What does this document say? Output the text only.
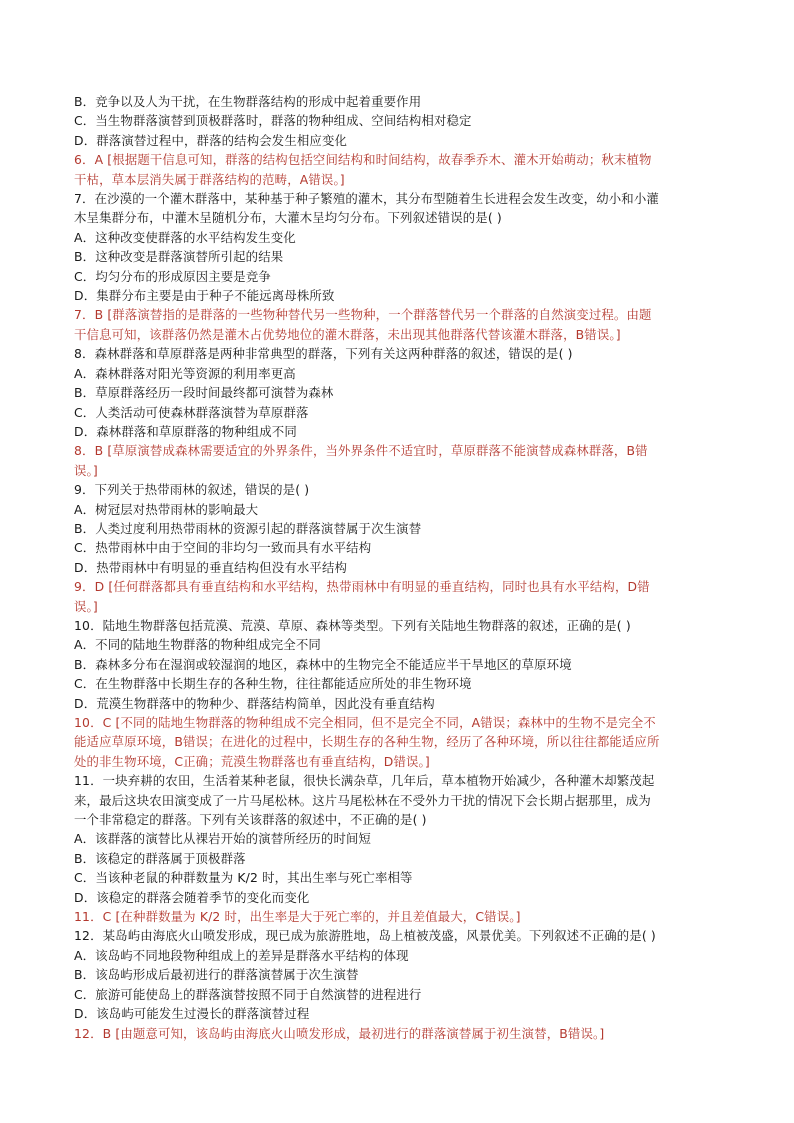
B．竞争以及人为干扰，在生物群落结构的形成中起着重要作用
C．当生物群落演替到顶极群落时，群落的物种组成、空间结构相对稳定
D．群落演替过程中，群落的结构会发生相应变化
6．A [根据题干信息可知，群落的结构包括空间结构和时间结构，故春季乔木、灌木开始萌动；秋末植物
干枯，草本层消失属于群落结构的范畴，A错误。]
7．在沙漠的一个灌木群落中，某种基于种子繁殖的灌木，其分布型随着生长进程会发生改变，幼小和小灌
木呈集群分布，中灌木呈随机分布，大灌木呈均匀分布。下列叙述错误的是( )
A．这种改变使群落的水平结构发生变化
B．这种改变是群落演替所引起的结果
C．均匀分布的形成原因主要是竞争
D．集群分布主要是由于种子不能远离母株所致
7．B [群落演替指的是群落的一些物种替代另一些物种，一个群落替代另一个群落的自然演变过程。由题
干信息可知，该群落仍然是灌木占优势地位的灌木群落，未出现其他群落代替该灌木群落，B错误。]
8．森林群落和草原群落是两种非常典型的群落，下列有关这两种群落的叙述，错误的是( )
A．森林群落对阳光等资源的利用率更高
B．草原群落经历一段时间最终都可演替为森林
C．人类活动可使森林群落演替为草原群落
D．森林群落和草原群落的物种组成不同
8．B [草原演替成森林需要适宜的外界条件，当外界条件不适宜时，草原群落不能演替成森林群落，B错
误。]
9．下列关于热带雨林的叙述，错误的是( )
A．树冠层对热带雨林的影响最大
B．人类过度利用热带雨林的资源引起的群落演替属于次生演替
C．热带雨林中由于空间的非均匀一致而具有水平结构
D．热带雨林中有明显的垂直结构但没有水平结构
9．D [任何群落都具有垂直结构和水平结构，热带雨林中有明显的垂直结构，同时也具有水平结构，D错
误。]
10．陆地生物群落包括荒漠、荒漠、草原、森林等类型。下列有关陆地生物群落的叙述，正确的是( )
A．不同的陆地生物群落的物种组成完全不同
B．森林多分布在湿润或较湿润的地区，森林中的生物完全不能适应半干旱地区的草原环境
C．在生物群落中长期生存的各种生物，往往都能适应所处的非生物环境
D．荒漠生物群落中的物种少、群落结构简单，因此没有垂直结构
10．C [不同的陆地生物群落的物种组成不完全相同，但不是完全不同，A错误；森林中的生物不是完全不
能适应草原环境，B错误；在进化的过程中，长期生存的各种生物，经历了各种环境，所以往往都能适应所
处的非生物环境，C正确；荒漠生物群落也有垂直结构，D错误。]
11．一块弃耕的农田，生活着某种老鼠，很快长满杂草，几年后，草本植物开始减少，各种灌木却繁茂起
来，最后这块农田演变成了一片马尾松林。这片马尾松林在不受外力干扰的情况下会长期占据那里，成为
一个非常稳定的群落。下列有关该群落的叙述中，不正确的是( )
A．该群落的演替比从裸岩开始的演替所经历的时间短
B．该稳定的群落属于顶极群落
C．当该种老鼠的种群数量为 K/2 时，其出生率与死亡率相等
D．该稳定的群落会随着季节的变化而变化
11．C [在种群数量为 K/2 时，出生率是大于死亡率的，并且差值最大，C错误。]
12．某岛屿由海底火山喷发形成，现已成为旅游胜地，岛上植被茂盛，风景优美。下列叙述不正确的是( )
A．该岛屿不同地段物种组成上的差异是群落水平结构的体现
B．该岛屿形成后最初进行的群落演替属于次生演替
C．旅游可能使岛上的群落演替按照不同于自然演替的进程进行
D．该岛屿可能发生过漫长的群落演替过程
12．B [由题意可知，该岛屿由海底火山喷发形成，最初进行的群落演替属于初生演替，B错误。]
